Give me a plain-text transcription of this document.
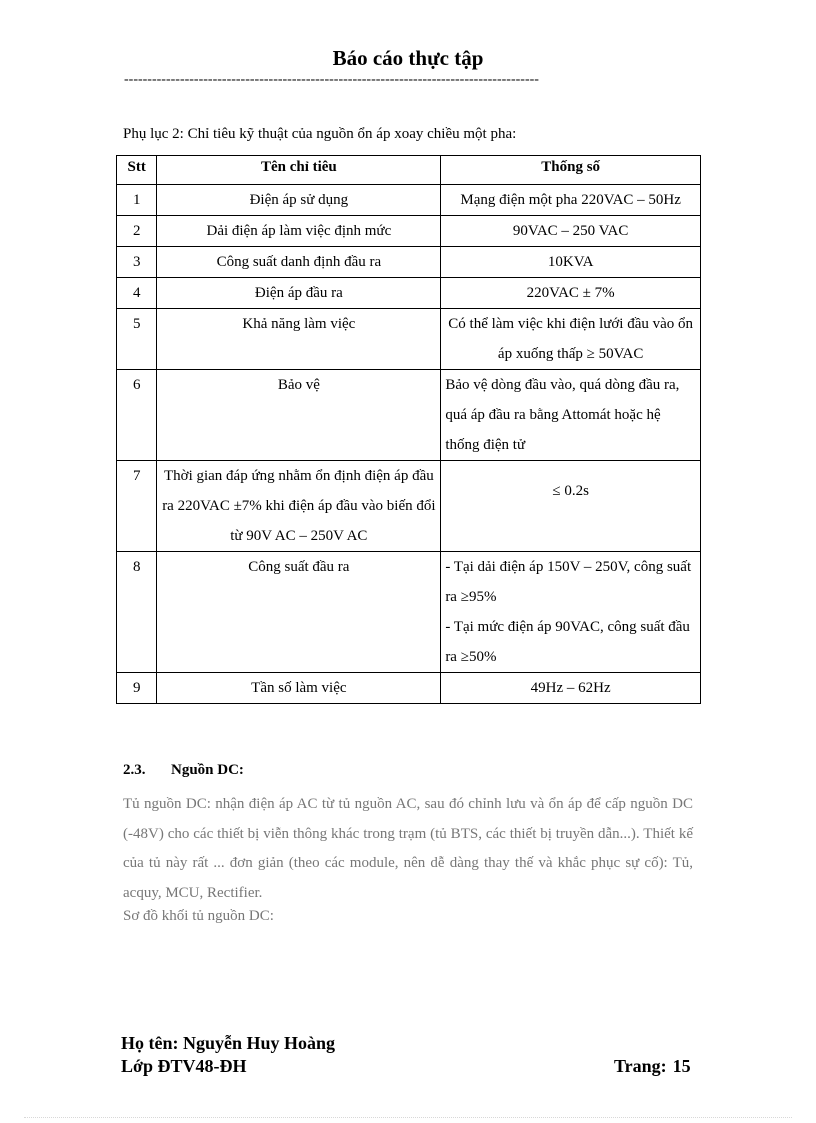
Báo cáo thực tập
-----------------------------------------------------------------------------------------
Phụ lục 2: Chỉ tiêu kỹ thuật của nguồn ổn áp xoay chiều một pha:
Stt	Tên chỉ tiêu	Thống số
1	Điện áp sử dụng	Mạng điện một pha 220VAC – 50Hz
2	Dải điện áp làm việc định mức	90VAC – 250 VAC
3	Công suất danh định đầu ra	10KVA
4	Điện áp đầu ra	220VAC ± 7%
5	Khả năng làm việc	Có thể làm việc khi điện lưới đầu vào ổn áp xuống thấp ≥ 50VAC
6	Bảo vệ	Bảo vệ dòng đầu vào, quá dòng đầu ra, quá áp đầu ra bằng Attomát hoặc hệ thống điện tử
7	Thời gian đáp ứng nhằm ổn định điện áp đầu ra 220VAC ±7% khi điện áp đầu vào biến đổi từ 90V AC – 250V AC	≤ 0.2s
8	Công suất đầu ra	- Tại dải điện áp 150V – 250V, công suất ra ≥95%
- Tại mức điện áp 90VAC, công suất đầu ra ≥50%

9	Tần số làm việc	49Hz – 62Hz
2.3. Nguồn DC:
Tủ nguồn DC: nhận điện áp AC từ tủ nguồn AC, sau đó chỉnh lưu và ổn áp để cấp nguồn DC (-48V) cho các thiết bị viễn thông khác trong trạm (tủ BTS, các thiết bị truyền dẫn...). Thiết kế của tủ này rất ... đơn giản (theo các module, nên dễ dàng thay thế và khắc phục sự cố): Tủ, acquy, MCU, Rectifier.
Sơ đồ khối tủ nguồn DC:
Họ tên: Nguyễn Huy Hoàng
Lớp ĐTV48-ĐH	Trang: 15
